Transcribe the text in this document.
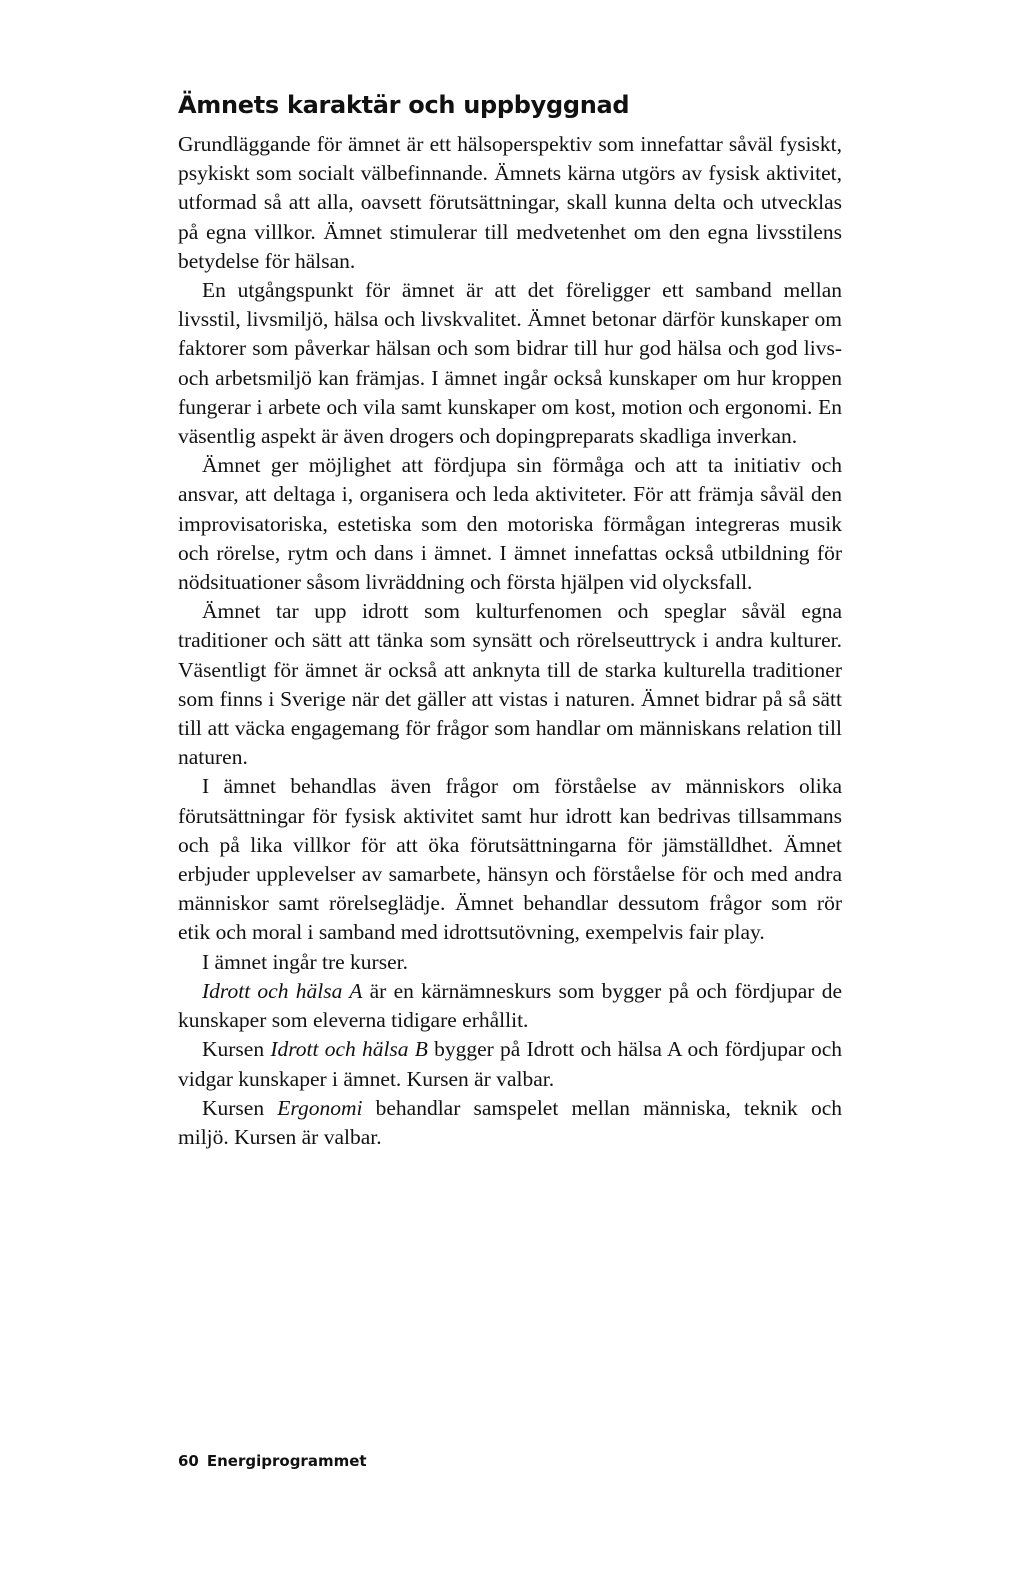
Ämnets karaktär och uppbyggnad

Grundläggande för ämnet är ett hälsoperspektiv som innefattar såväl fysiskt, psykiskt som socialt välbefinnande. Ämnets kärna utgörs av fysisk aktivitet, utformad så att alla, oavsett förutsättningar, skall kunna delta och utvecklas på egna villkor. Ämnet stimulerar till medvetenhet om den egna livsstilens betydelse för hälsan.

En utgångspunkt för ämnet är att det föreligger ett samband mellan livsstil, livsmiljö, hälsa och livskvalitet. Ämnet betonar därför kunskaper om faktorer som påverkar hälsan och som bidrar till hur god hälsa och god livs- och arbetsmiljö kan främjas. I ämnet ingår också kunskaper om hur kroppen fungerar i arbete och vila samt kunskaper om kost, motion och ergonomi. En väsentlig aspekt är även drogers och dopingpreparats skadliga inverkan.

Ämnet ger möjlighet att fördjupa sin förmåga och att ta initiativ och ansvar, att deltaga i, organisera och leda aktiviteter. För att främja såväl den improvisatoriska, estetiska som den motoriska förmågan integreras musik och rörelse, rytm och dans i ämnet. I ämnet innefattas också utbildning för nödsituationer såsom livräddning och första hjälpen vid olycksfall.

Ämnet tar upp idrott som kulturfenomen och speglar såväl egna traditioner och sätt att tänka som synsätt och rörelseuttryck i andra kulturer. Väsentligt för ämnet är också att anknyta till de starka kulturella traditioner som finns i Sverige när det gäller att vistas i naturen. Ämnet bidrar på så sätt till att väcka engagemang för frågor som handlar om människans relation till naturen.

I ämnet behandlas även frågor om förståelse av människors olika förutsättningar för fysisk aktivitet samt hur idrott kan bedrivas tillsammans och på lika villkor för att öka förutsättningarna för jämställdhet. Ämnet erbjuder upplevelser av samarbete, hänsyn och förståelse för och med andra människor samt rörelseglädje. Ämnet behandlar dessutom frågor som rör etik och moral i samband med idrottsutövning, exempelvis fair play.

I ämnet ingår tre kurser.

Idrott och hälsa A är en kärnämneskurs som bygger på och fördjupar de kunskaper som eleverna tidigare erhållit.

Kursen Idrott och hälsa B bygger på Idrott och hälsa A och fördjupar och vidgar kunskaper i ämnet. Kursen är valbar.

Kursen Ergonomi behandlar samspelet mellan människa, teknik och miljö. Kursen är valbar.

60 Energiprogrammet
